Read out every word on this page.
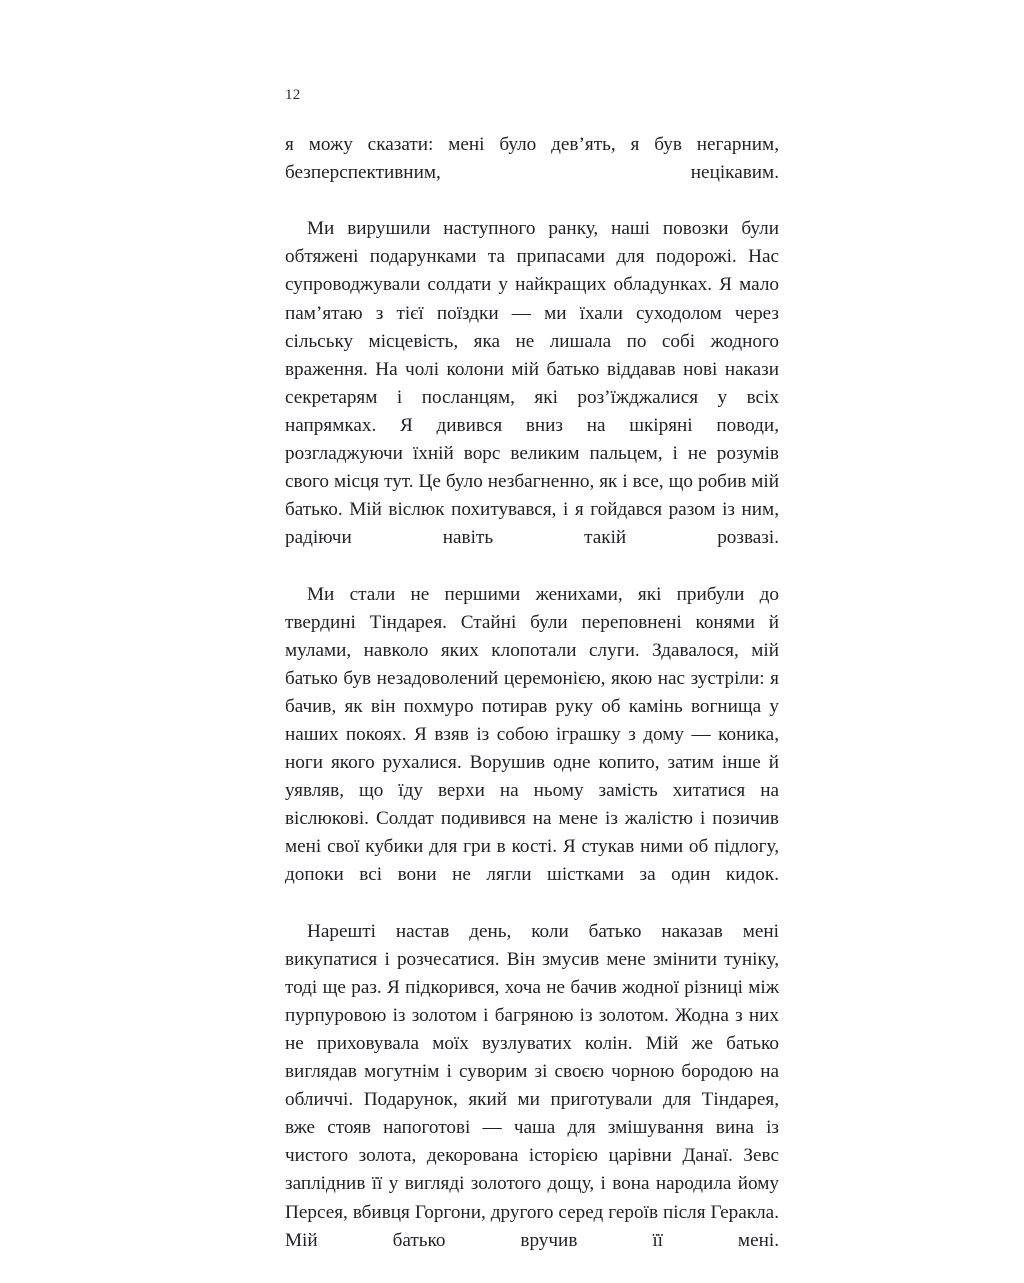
12

я можу сказати: мені було дев’ять, я був негарним, безперспективним, нецікавим.

Ми вирушили наступного ранку, наші повозки були обтяжені подарунками та припасами для подорожі. Нас супроводжували солдати у найкращих обладунках. Я мало пам’ятаю з тієї поїздки — ми їхали суходолом через сільську місцевість, яка не лишала по собі жодного враження. На чолі колони мій батько віддавав нові накази секретарям і посланцям, які роз’їжджалися у всіх напрямках. Я дивився вниз на шкіряні поводи, розгладжуючи їхній ворс великим пальцем, і не розумів свого місця тут. Це було незбагненно, як і все, що робив мій батько. Мій віслюк похитувався, і я гойдався разом із ним, радіючи навіть такій розвазі.

Ми стали не першими женихами, які прибули до твердині Тіндарея. Стайні були переповнені конями й мулами, навколо яких клопотали слуги. Здавалося, мій батько був незадоволений церемонією, якою нас зустріли: я бачив, як він похмуро потирав руку об камінь вогнища у наших покоях. Я взяв із собою іграшку з дому — коника, ноги якого рухалися. Ворушив одне копито, затим інше й уявляв, що їду верхи на ньому замість хитатися на віслюкові. Солдат подивився на мене із жалістю і позичив мені свої кубики для гри в кості. Я стукав ними об підлогу, допоки всі вони не лягли шістками за один кидок.

Нарешті настав день, коли батько наказав мені викупатися і розчесатися. Він змусив мене змінити туніку, тоді ще раз. Я підкорився, хоча не бачив жодної різниці між пурпуровою із золотом і багряною із золотом. Жодна з них не приховувала моїх вузлуватих колін. Мій же батько виглядав могутнім і суворим зі своєю чорною бородою на обличчі. Подарунок, який ми приготували для Тіндарея, вже стояв напоготові — чаша для змішування вина із чистого золота, декорована історією царівни Данаї. Зевс запліднив її у вигляді золотого дощу, і вона народила йому Персея, вбивця Горгони, другого серед героїв після Геракла. Мій батько вручив її мені.
